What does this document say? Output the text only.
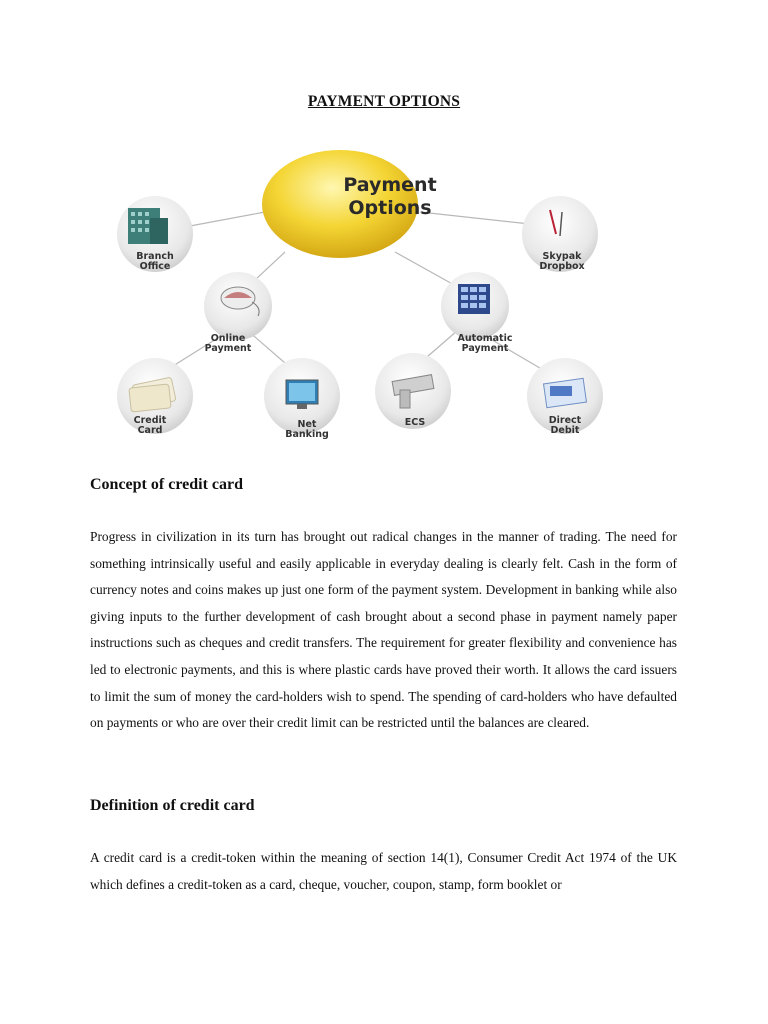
PAYMENT OPTIONS
Payment
Options
Branch
Office
Skypak
Dropbox
Online
Payment
Automatic
Payment
Credit
Card
Net
Banking
ECS	Direct
Debit
Concept of credit card
Progress in civilization in its turn has brought out radical changes in the manner of trading. The need for something intrinsically useful and easily applicable in everyday dealing is clearly felt. Cash in the form of currency notes and coins makes up just one form of the payment system. Development in banking while also giving inputs to the further development of cash brought about a second phase in payment namely paper instructions such as cheques and credit transfers. The requirement for greater flexibility and convenience has led to electronic payments, and this is where plastic cards have proved their worth. It allows the card issuers to limit the sum of money the card-holders wish to spend. The spending of card-holders who have defaulted on payments or who are over their credit limit can be restricted until the balances are cleared.
Definition of credit card
A credit card is a credit-token within the meaning of section 14(1), Consumer Credit Act 1974 of the UK which defines a credit-token as a card, cheque, voucher, coupon, stamp, form booklet or
